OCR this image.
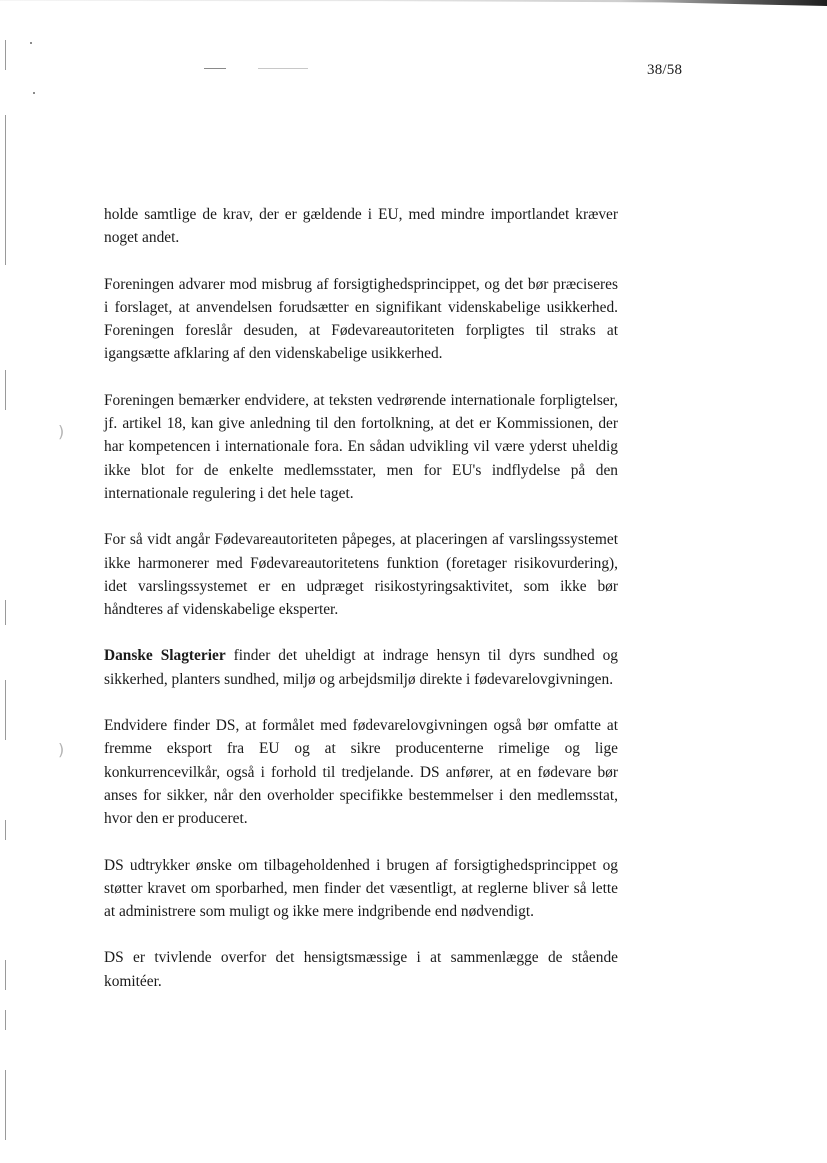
)
)
38/58

holde samtlige de krav, der er gældende i EU, med mindre importlandet kræver noget andet.

Foreningen advarer mod misbrug af forsigtighedsprincippet, og det bør præciseres i forslaget, at anvendelsen forudsætter en signifikant videnskabelige usikkerhed. Foreningen foreslår desuden, at Fødevareautoriteten forpligtes til straks at igangsætte afklaring af den videnskabelige usikkerhed.

Foreningen bemærker endvidere, at teksten vedrørende internationale forpligtelser, jf. artikel 18, kan give anledning til den fortolkning, at det er Kommissionen, der har kompetencen i internationale fora. En sådan udvikling vil være yderst uheldig ikke blot for de enkelte medlemsstater, men for EU's indflydelse på den internationale regulering i det hele taget.

For så vidt angår Fødevareautoriteten påpeges, at placeringen af varslingssystemet ikke harmonerer med Fødevareautoritetens funktion (foretager risikovurdering), idet varslingssystemet er en udpræget risikostyringsaktivitet, som ikke bør håndteres af videnskabelige eksperter.

Danske Slagterier finder det uheldigt at indrage hensyn til dyrs sundhed og sikkerhed, planters sundhed, miljø og arbejdsmiljø direkte i fødevarelovgivningen.

Endvidere finder DS, at formålet med fødevarelovgivningen også bør omfatte at fremme eksport fra EU og at sikre producenterne rimelige og lige konkurrencevilkår, også i forhold til tredjelande. DS anfører, at en fødevare bør anses for sikker, når den overholder specifikke bestemmelser i den medlemsstat, hvor den er produceret.

DS udtrykker ønske om tilbageholdenhed i brugen af forsigtighedsprincippet og støtter kravet om sporbarhed, men finder det væsentligt, at reglerne bliver så lette at administrere som muligt og ikke mere indgribende end nødvendigt.

DS er tvivlende overfor det hensigtsmæssige i at sammenlægge de stående komitéer.
